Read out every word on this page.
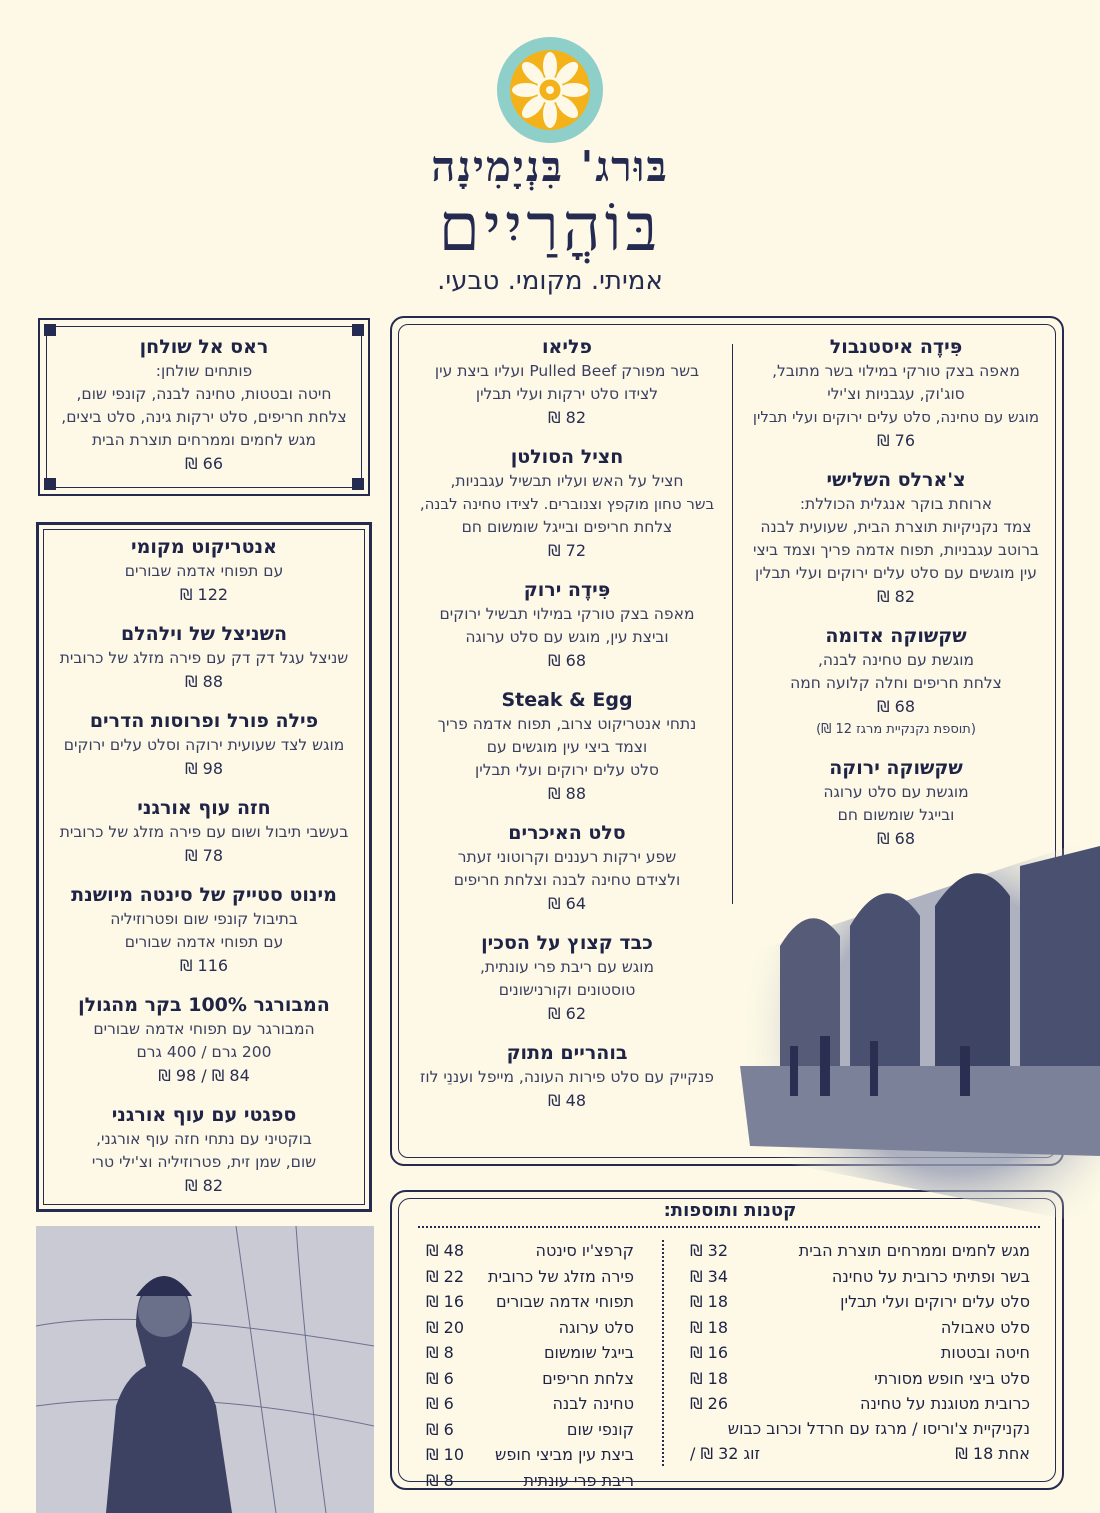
בּוּרג' בִּנְיָמִינָה
בּוֹהֳרַיִים
אמיתי. מקומי. טבעי.
ראס אל שולחן
פותחים שולחן:
חיטה ובטטות, טחינה לבנה, קונפי שום,
צלחת חריפים, סלט ירקות גינה, סלט ביצים,
מגש לחמים וממרחים תוצרת הבית
66 ₪
אנטריקוט מקומי
עם תפוחי אדמה שבורים
122 ₪
השניצל של וילהלם
שניצל עגל דק דק עם פירה מזלג של כרובית
88 ₪
פילה פורל ופרוסות הדרים
מוגש לצד שעועית ירוקה וסלט עלים ירוקים
98 ₪
חזה עוף אורגני
בעשבי תיבול ושום עם פירה מזלג של כרובית
78 ₪
מינוט סטייק של סינטה מיושנת
בתיבול קונפי שום ופטרוזיליה
עם תפוחי אדמה שבורים
116 ₪
המבורגר 100% בקר מהגולן
המבורגר עם תפוחי אדמה שבורים
200 גרם / 400 גרם
84 ₪ / 98 ₪
ספגטי עם עוף אורגני
בוקטיני עם נתחי חזה עוף אורגני,
שום, שמן זית, פטרוזיליה וצ'ילי טרי
82 ₪
פליאו
בשר מפורק Pulled Beef ועליו ביצת עין
לצידו סלט ירקות ועלי תבלין
82 ₪
חציל הסולטן
חציל על האש ועליו תבשיל עגבניות,
בשר טחון מוקפץ וצנוברים. לצידו טחינה לבנה,
צלחת חריפים ובייגל שומשום חם
72 ₪
פִּידֶה ירוק
מאפה בצק טורקי במילוי תבשיל ירוקים
וביצת עין, מוגש עם סלט ערוגה
68 ₪
Steak & Egg
נתחי אנטריקוט צרוב, תפוח אדמה פריך
וצמד ביצי עין מוגשים עם
סלט עלים ירוקים ועלי תבלין
88 ₪
סלט האיכרים
שפע ירקות רעננים וקרוטוני זעתר
ולצידם טחינה לבנה וצלחת חריפים
64 ₪
כבד קצוץ על הסכין
מוגש עם ריבת פרי עונתית,
טוסטונים וקורנישונים
62 ₪
בוהריים מתוק
פנקייק עם סלט פירות העונה, מייפל ועננֵי לוז
48 ₪
פִּידֶה איסטנבול
מאפה בצק טורקי במילוי בשר מתובל,
סוג'וק, עגבניות וצ'ילי
מוגש עם טחינה, סלט עלים ירוקים ועלי תבלין
76 ₪
צ'ארלס השלישי
ארוחת בוקר אנגלית הכוללת:
צמד נקניקיות תוצרת הבית, שעועית לבנה
ברוטב עגבניות, תפוח אדמה פריך וצמד ביצי
עין מוגשים עם סלט עלים ירוקים ועלי תבלין
82 ₪
שקשוקה אדומה
מוגשת עם טחינה לבנה,
צלחת חריפים וחלה קלועה חמה
68 ₪
(תוספת נקנקיית מרגז 12 ₪)
שקשוקה ירוקה
מוגשת עם סלט ערוגה
ובייגל שומשום חם
68 ₪
קטנות ותוספות:
מגש לחמים וממרחים תוצרת הבית
32 ₪
בשר ופתיתי כרובית על טחינה
34 ₪
סלט עלים ירוקים ועלי תבלין
18 ₪
סלט טאבולה
18 ₪
חיטה ובטטות
16 ₪
סלט ביצי חופש מסורתי
18 ₪
כרובית מטוגנת על טחינה
26 ₪
נקניקיית צ'וריסו / מרגז עם חרדל וכרוב כבוש
אחת 18 ₪
זוג 32 ₪ /
קרפצ'יו סינטה
48 ₪
פירה מזלג של כרובית
22 ₪
תפוחי אדמה שבורים
16 ₪
סלט ערוגה
20 ₪
בייגל שומשום
8 ₪
צלחת חריפים
6 ₪
טחינה לבנה
6 ₪
קונפי שום
6 ₪
ביצת עין מביצי חופש
10 ₪
ריבת פרי עונתית
8 ₪
